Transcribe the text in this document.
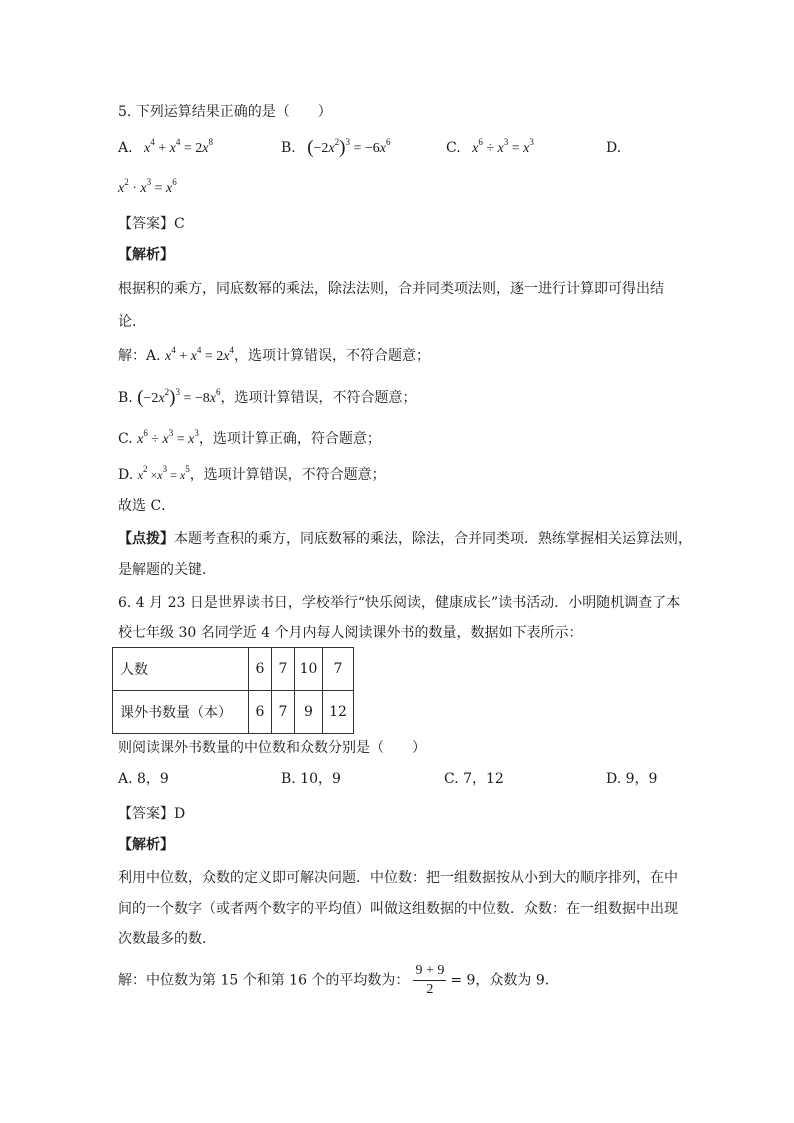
5. 下列运算结果正确的是（　　）
A.   $x^4 + x^4 = 2x^8$	B. $(-2x^2)^3 = -6x^6$	C.   $x^6 \div x^3 = x^3$	D.
$x^2 \cdot x^3 = x^6$
【答案】C
【解析】
根据积的乘方，同底数幂的乘法，除法法则，合并同类项法则，逐一进行计算即可得出结
论．
解：A. $x^4 + x^4 = 2x^4$，选项计算错误，不符合题意；
B. $(-2x^2)^3 = -8x^6$，选项计算错误，不符合题意；
C. $x^6 \div x^3 = x^3$，选项计算正确，符合题意；
D. $x^2 \times x^3 = x^5$，选项计算错误，不符合题意；
故选 C．
【点拨】本题考查积的乘方，同底数幂的乘法，除法，合并同类项．熟练掌握相关运算法则，
是解题的关键．
6. 4 月 23 日是世界读书日，学校举行“快乐阅读，健康成长”读书活动．小明随机调查了本
校七年级 30 名同学近 4 个月内每人阅读课外书的数量，数据如下表所示：
人数	6	7	10	7
课外书数量（本）	6	7	9	12
则阅读课外书数量的中位数和众数分别是（　　）
A. 8，9	B. 10，9	C. 7，12	D. 9，9
【答案】D
【解析】
利用中位数，众数的定义即可解决问题．中位数：把一组数据按从小到大的顺序排列，在中
间的一个数字（或者两个数字的平均值）叫做这组数据的中位数．众数：在一组数据中出现
次数最多的数．
解：中位数为第 15 个和第 16 个的平均数为： $\frac{9 + 9}{2} = 9$，众数为 9．
